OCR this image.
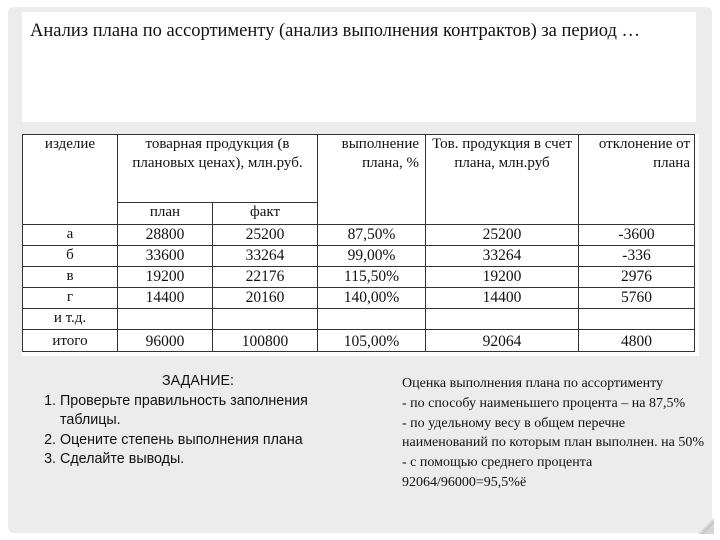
Анализ плана по ассортименту (анализ выполнения контрактов) за период …
изделие	товарная продукция (в плановых ценах), млн.руб.		выполнение плана, %	Тов. продукция в счет плана, млн.руб	отклонение от плана
	план	факт			
а	28800	25200	87,50%	25200	-3600
б	33600	33264	99,00%	33264	-336
в	19200	22176	115,50%	19200	2976
г	14400	20160	140,00%	14400	5760
и т.д.					
итого	96000	100800	105,00%	92064	4800
ЗАДАНИЕ:
1. Проверьте правильность заполнения таблицы.
2. Оцените степень выполнения плана
3. Сделайте выводы.
Оценка выполнения плана по ассортименту
- по способу наименьшего процента – на 87,5%
- по удельному весу в общем перечне наименований по которым план выполнен. на 50%
- с помощью среднего процента 92064/96000=95,5%ё
